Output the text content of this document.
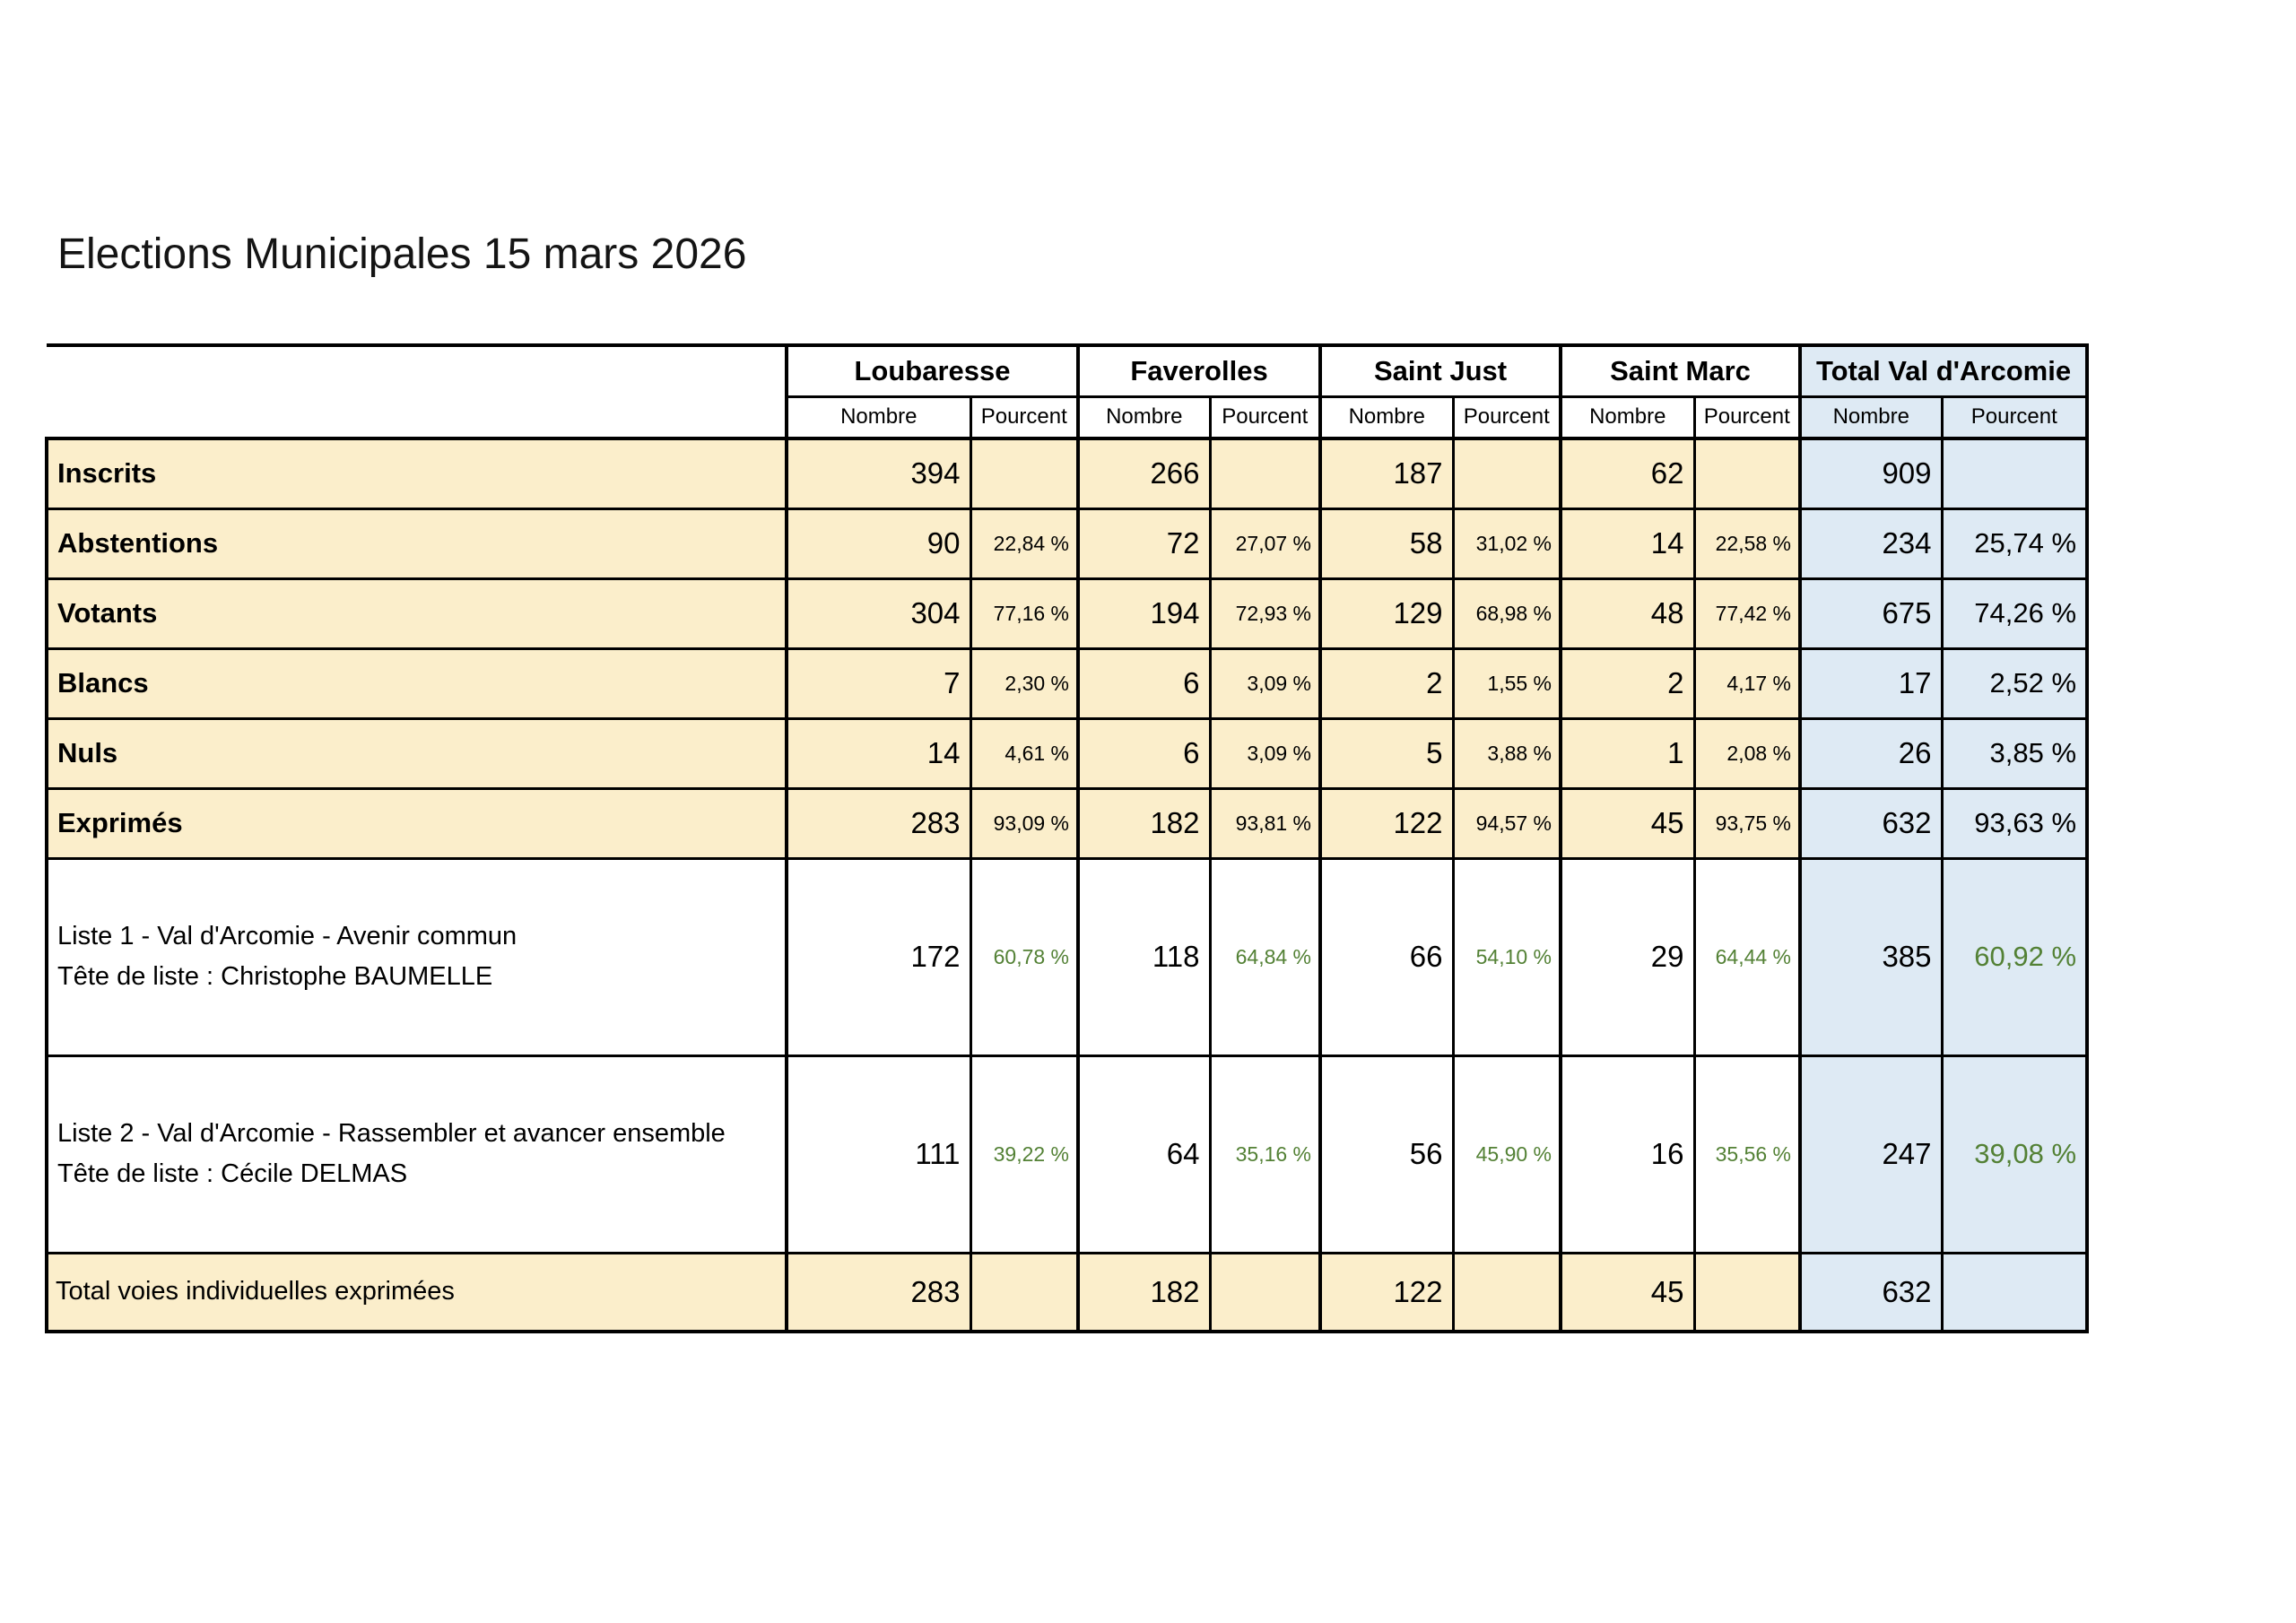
Elections Municipales 15 mars 2026
	Loubaresse		Faverolles		Saint Just		Saint Marc		Total Val d'Arcomie	
	Nombre	Pourcent	Nombre	Pourcent	Nombre	Pourcent	Nombre	Pourcent	Nombre	Pourcent
Inscrits	394		266		187		62		909	
Abstentions	90	22,84 %	72	27,07 %	58	31,02 %	14	22,58 %	234	25,74 %
Votants	304	77,16 %	194	72,93 %	129	68,98 %	48	77,42 %	675	74,26 %
Blancs	7	2,30 %	6	3,09 %	2	1,55 %	2	4,17 %	17	2,52 %
Nuls	14	4,61 %	6	3,09 %	5	3,88 %	1	2,08 %	26	3,85 %
Exprimés	283	93,09 %	182	93,81 %	122	94,57 %	45	93,75 %	632	93,63 %

Liste 1 - Val d'Arcomie - Avenir commun
Tête de liste : Christophe BAUMELLE	172	60,78 %	118	64,84 %	66	54,10 %	29	64,44 %	385	60,92 %

Liste 2 - Val d'Arcomie - Rassembler et avancer ensemble
Tête de liste : Cécile DELMAS	111	39,22 %	64	35,16 %	56	45,90 %	16	35,56 %	247	39,08 %
Total voies individuelles exprimées	283		182		122		45		632	
